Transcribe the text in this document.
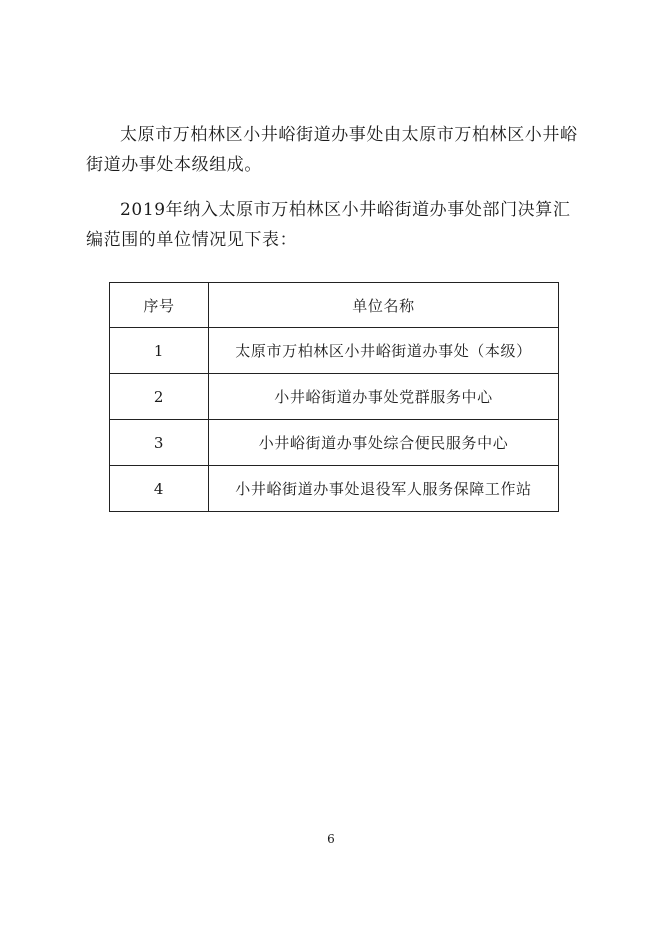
太原市万柏林区小井峪街道办事处由太原市万柏林区小井峪街道办事处本级组成。

2019年纳入太原市万柏林区小井峪街道办事处部门决算汇编范围的单位情况见下表：

序号	单位名称
1	太原市万柏林区小井峪街道办事处（本级）
2	小井峪街道办事处党群服务中心
3	小井峪街道办事处综合便民服务中心
4	小井峪街道办事处退役军人服务保障工作站
6
